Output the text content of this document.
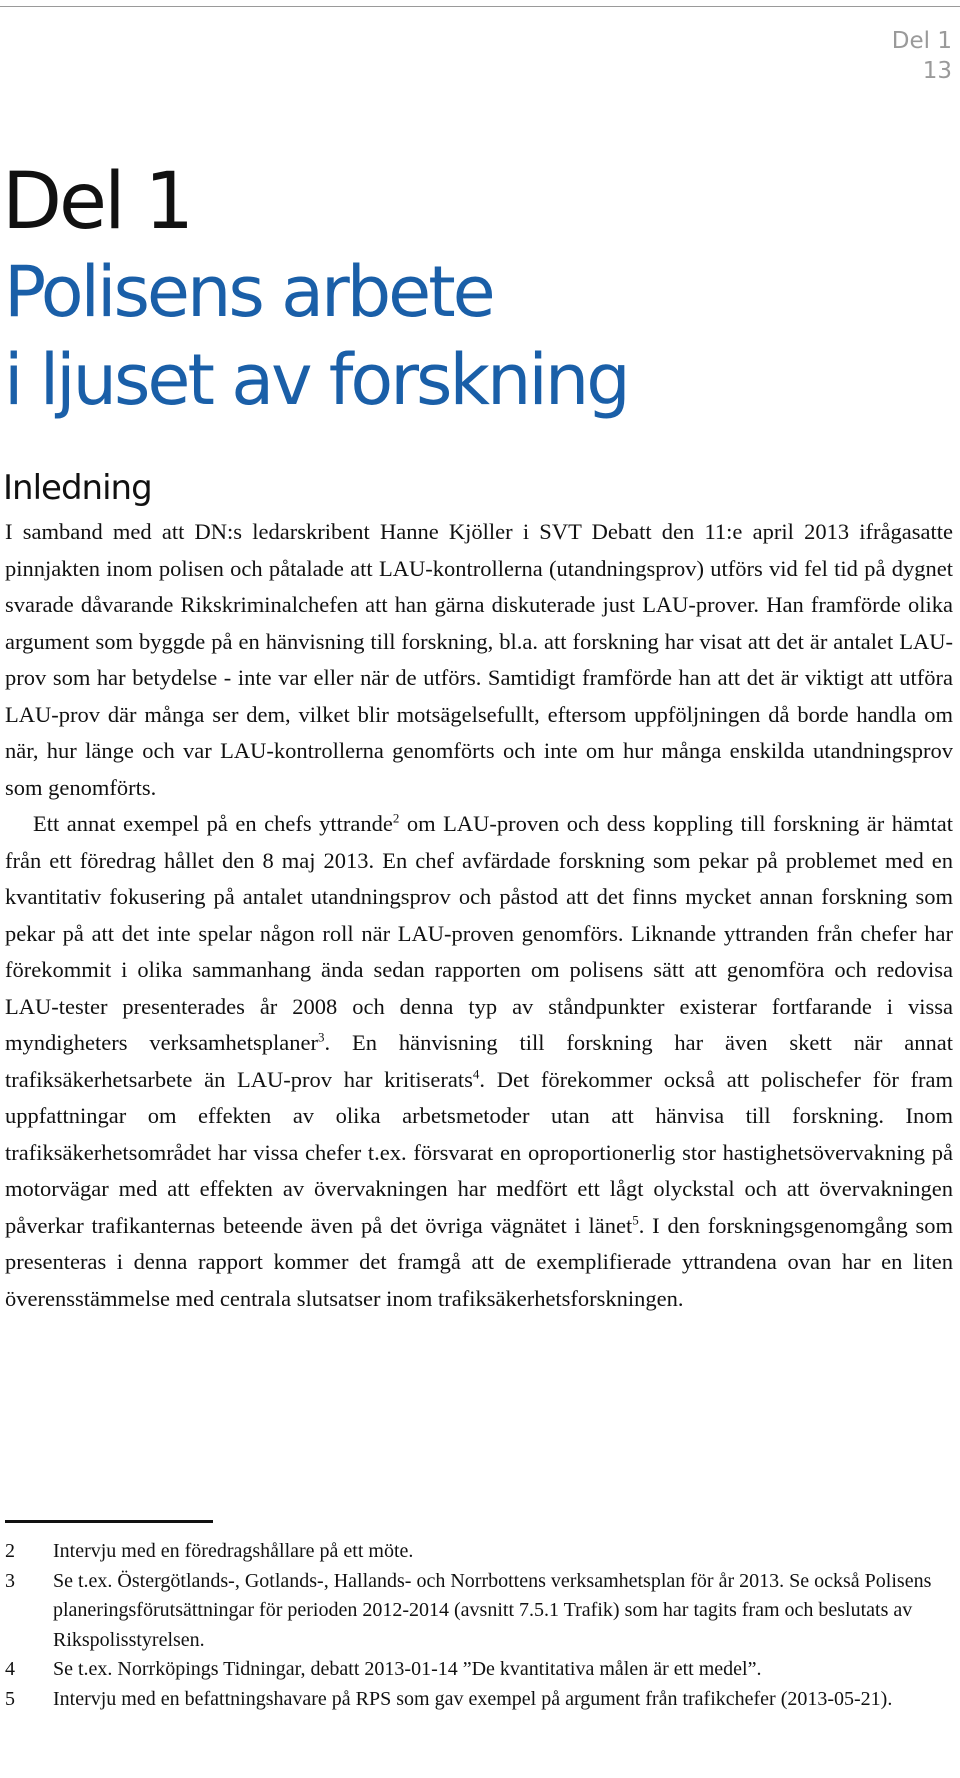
Del 1
13
Del 1
Polisens arbete
i ljuset av forskning
Inledning

I samband med att DN:s ledarskribent Hanne Kjöller i SVT Debatt den 11:e april 2013 ifrågasatte pinnjakten inom polisen och påtalade att LAU-kontrollerna (utandningsprov) utförs vid fel tid på dygnet svarade dåvarande Rikskriminalchefen att han gärna diskuterade just LAU-prover. Han framförde olika argument som byggde på en hänvisning till forskning, bl.a. att forskning har visat att det är antalet LAU-prov som har betydelse - inte var eller när de utförs. Samtidigt framförde han att det är viktigt att utföra LAU-prov där många ser dem, vilket blir motsägelsefullt, eftersom uppföljningen då borde handla om när, hur länge och var LAU-kontrollerna genomförts och inte om hur många enskilda utandningsprov som genomförts.

Ett annat exempel på en chefs yttrande$^2$ om LAU-proven och dess koppling till forskning är hämtat från ett föredrag hållet den 8 maj 2013. En chef avfärdade forskning som pekar på problemet med en kvantitativ fokusering på antalet utandningsprov och påstod att det finns mycket annan forskning som pekar på att det inte spelar någon roll när LAU-proven genomförs. Liknande yttranden från chefer har förekommit i olika sammanhang ända sedan rapporten om polisens sätt att genomföra och redovisa LAU-tester presenterades år 2008 och denna typ av ståndpunkter existerar fortfarande i vissa myndigheters verksamhetsplaner$^3$. En hänvisning till forskning har även skett när annat trafiksäkerhetsarbete än LAU-prov har kritiserats$^4$. Det förekommer också att polischefer för fram uppfattningar om effekten av olika arbetsmetoder utan att hänvisa till forskning. Inom trafiksäkerhetsområdet har vissa chefer t.ex. försvarat en oproportionerlig stor hastighetsövervakning på motorvägar med att effekten av övervakningen har medfört ett lågt olyckstal och att övervakningen påverkar trafikanternas beteende även på det övriga vägnätet i länet$^5$. I den forskningsgenomgång som presenteras i denna rapport kommer det framgå att de exemplifierade yttrandena ovan har en liten överensstämmelse med centrala slutsatser inom trafiksäkerhetsforskningen.

2	Intervju med en föredragshållare på ett möte.
3	Se t.ex. Östergötlands-, Gotlands-, Hallands- och Norrbottens verksamhetsplan för år 2013. Se också Polisens planeringsförutsättningar för perioden 2012-2014 (avsnitt 7.5.1 Trafik) som har tagits fram och beslutats av Rikspolisstyrelsen.
4	Se t.ex. Norrköpings Tidningar, debatt 2013-01-14 ”De kvantitativa målen är ett medel”.
5	Intervju med en befattningshavare på RPS som gav exempel på argument från trafikchefer (2013-05-21).
